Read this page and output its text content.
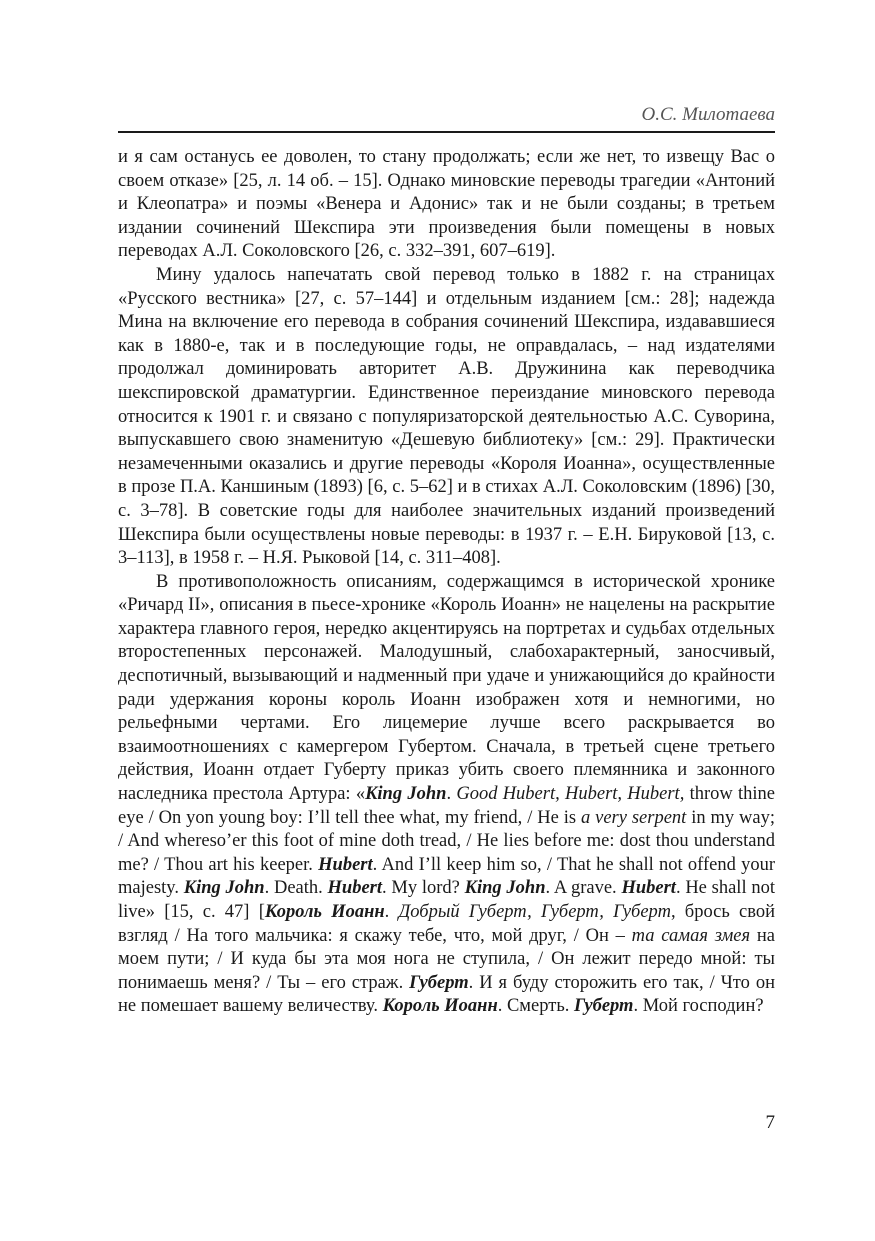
О.С. Милотаева

и я сам останусь ее доволен, то стану продолжать; если же нет, то извещу Вас о своем отказе» [25, л. 14 об. – 15]. Однако миновские переводы трагедии «Антоний и Клеопатра» и поэмы «Венера и Адонис» так и не были созданы; в третьем издании сочинений Шекспира эти произведения были помещены в новых переводах А.Л. Соколовского [26, с. 332–391, 607–619].

Мину удалось напечатать свой перевод только в 1882 г. на страницах «Русского вестника» [27, с. 57–144] и отдельным изданием [см.: 28]; надежда Мина на включение его перевода в собрания сочинений Шекспира, издававшиеся как в 1880-е, так и в последующие годы, не оправдалась, – над издателями продолжал доминировать авторитет А.В. Дружинина как переводчика шекспировской драматургии. Единственное переиздание миновского перевода относится к 1901 г. и связано с популяризаторской деятельностью А.С. Суворина, выпускавшего свою знаменитую «Дешевую библиотеку» [см.: 29]. Практически незамеченными оказались и другие переводы «Короля Иоанна», осуществленные в прозе П.А. Каншиным (1893) [6, с. 5–62] и в стихах А.Л. Соколовским (1896) [30, с. 3–78]. В советские годы для наиболее значительных изданий произведений Шекспира были осуществлены новые переводы: в 1937 г. – Е.Н. Бируковой [13, с. 3–113], в 1958 г. – Н.Я. Рыковой [14, с. 311–408].

В противоположность описаниям, содержащимся в исторической хронике «Ричард II», описания в пьесе-хронике «Король Иоанн» не нацелены на раскрытие характера главного героя, нередко акцентируясь на портретах и судьбах отдельных второстепенных персонажей. Малодушный, слабохарактерный, заносчивый, деспотичный, вызывающий и надменный при удаче и унижающийся до крайности ради удержания короны король Иоанн изображен хотя и немногими, но рельефными чертами. Его лицемерие лучше всего раскрывается во взаимоотношениях с камергером Губертом. Сначала, в третьей сцене третьего действия, Иоанн отдает Губерту приказ убить своего племянника и законного наследника престола Артура: «King John. Good Hubert, Hubert, Hubert, throw thine eye / On yon young boy: I’ll tell thee what, my friend, / He is a very serpent in my way; / And whereso’er this foot of mine doth tread, / He lies before me: dost thou understand me? / Thou art his keeper. Hubert. And I’ll keep him so, / That he shall not offend your majesty. King John. Death. Hubert. My lord? King John. A grave. Hubert. He shall not live» [15, с. 47] [Король Иоанн. Добрый Губерт, Губерт, Губерт, брось свой взгляд / На того мальчика: я скажу тебе, что, мой друг, / Он – та самая змея на моем пути; / И куда бы эта моя нога не ступила, / Он лежит передо мной: ты понимаешь меня? / Ты – его страж. Губерт. И я буду сторожить его так, / Что он не помешает вашему величеству. Король Иоанн. Смерть. Губерт. Мой господин?

7
